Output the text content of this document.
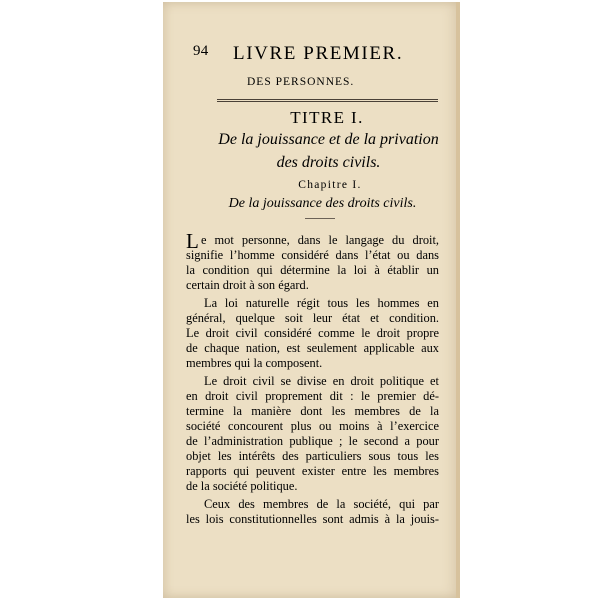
94 LIVRE PREMIER.
DES PERSONNES.
TITRE I.
De la jouissance et de la privation
des droits civils.
Chapitre I.
De la jouissance des droits civils.
L e mot personne, dans le langage du droit,
signifie l’homme considéré dans l’état ou dans
la condition qui détermine la loi à établir un
certain droit à son égard.
La loi naturelle régit tous les hommes en
général, quelque soit leur état et condition.
Le droit civil considéré comme le droit propre
de chaque nation, est seulement applicable aux
membres qui la composent.
Le droit civil se divise en droit politique et
en droit civil proprement dit : le premier dé-
termine la manière dont les membres de la
société concourent plus ou moins à l’exercice
de l’administration publique ; le second a pour
objet les intérêts des particuliers sous tous les
rapports qui peuvent exister entre les membres
de la société politique.
Ceux des membres de la société, qui par
les lois constitutionnelles sont admis à la jouis-
